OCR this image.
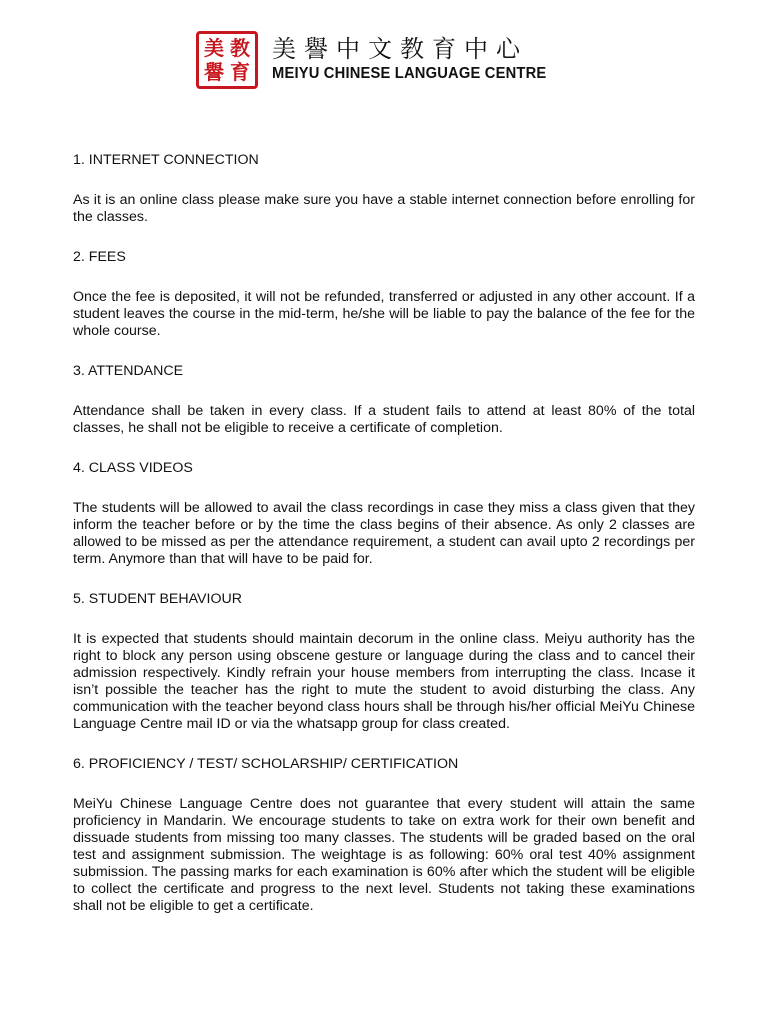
美 教
譽 育
美譽中文教育中心
MEIYU CHINESE LANGUAGE CENTRE

1. INTERNET CONNECTION

As it is an online class please make sure you have a stable internet connection before enrolling for the classes.

2. FEES

Once the fee is deposited, it will not be refunded, transferred or adjusted in any other account. If a student leaves the course in the mid-term, he/she will be liable to pay the balance of the fee for the whole course.

3. ATTENDANCE

Attendance shall be taken in every class. If a student fails to attend at least 80% of the total classes, he shall not be eligible to receive a certificate of completion.

4. CLASS VIDEOS

The students will be allowed to avail the class recordings in case they miss a class given that they inform the teacher before or by the time the class begins of their absence. As only 2 classes are allowed to be missed as per the attendance requirement, a student can avail upto 2 recordings per term. Anymore than that will have to be paid for.

5. STUDENT BEHAVIOUR

It is expected that students should maintain decorum in the online class. Meiyu authority has the right to block any person using obscene gesture or language during the class and to cancel their admission respectively. Kindly refrain your house members from interrupting the class. Incase it isn’t possible the teacher has the right to mute the student to avoid disturbing the class. Any communication with the teacher beyond class hours shall be through his/her official MeiYu Chinese Language Centre mail ID or via the whatsapp group for class created.

6. PROFICIENCY / TEST/ SCHOLARSHIP/ CERTIFICATION

MeiYu Chinese Language Centre does not guarantee that every student will attain the same proficiency in Mandarin. We encourage students to take on extra work for their own benefit and dissuade students from missing too many classes. The students will be graded based on the oral test and assignment submission. The weightage is as following: 60% oral test 40% assignment submission. The passing marks for each examination is 60% after which the student will be eligible to collect the certificate and progress to the next level. Students not taking these examinations shall not be eligible to get a certificate.
